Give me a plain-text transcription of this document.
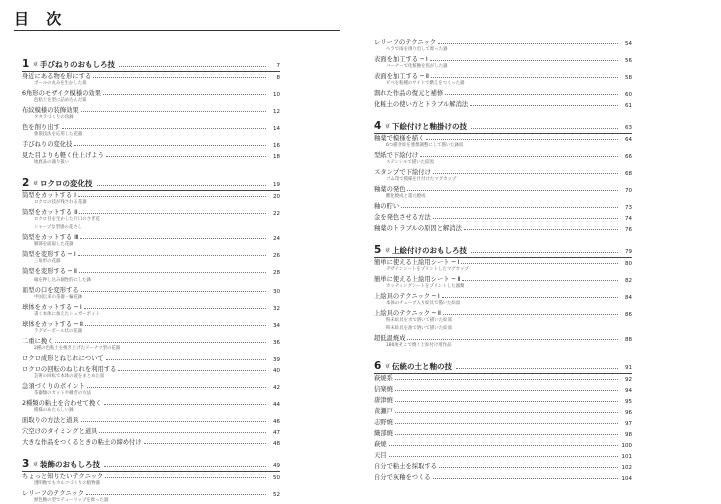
目 次
1 章 手びねりのおもしろ技	7
身近にある物を形にする	8
ボールの丸みを生かした皿
6角形のモザイク模様の効果	10
色粘土を型に詰め込んだ皿
布紋模様の装飾効果	12
タタラづくりの角鉢
色を削り出す	14
象嵌技法を応用した花器
手びねりの変化技	16
見た目よりも軽く仕上げよう	18
地底品の器り扱い
2 章 ロクロの変化技	19
筒型をカットする Ⅰ	20
ロクロの技が残される花器
筒型をカットする Ⅱ	22
ロクロ目を生かした片口のさぎ花
シャープな型感の花さし
筒型をカットする Ⅲ	24
胴部を面取した花器
筒型を変形する ─ Ⅰ	26
三角形の花器
筒型を変形する ─ Ⅱ	28
縁を押し込み個性的にした鉢
皿型の口を変形する	30
中国伝来の茶器・輪花鉢
球体をカットする ─ Ⅰ	32
書く本体に加えたシュガーポット
球体をカットする ─ Ⅱ	34
ラグビーボール状の花器
二重に挽く	36
2種の色粘土を挽き上げたドーナツ型の花器
ロクロ成形とねじれについて	39
ロクロの回転のねじれを利用する	40
芸術の回転で本体の波をまとめた皿
急須づくりのポイント	42
茶器類のカットや継ぎの方法
2種類の粘土を合わせて挽く	44
模様のあたらしい鉢
面取りの方法と道具	46
穴空けのタイミングと道具	47
大きな作品をつくるときの粘土の締め付け	48
3 章 装飾のおもしろ技	49
ちょっと知りたいテクニック	50
透明釉でもカルコづくりの植物器
レリーフのテクニック	52
無色釉の型でテューリップを彫った器
レリーフのテクニック	54
ヘラで雨を削り出して彫った器
表面を加工する ─ Ⅰ	56
バーナーで化粧釉を焦がした器
表面を加工する ─ Ⅱ	58
ビベを粘種のサイトで燃えをつくった器
割れた作品の復元と補修	60
化粧土の使い方とトラブル解消法	61
4 章 下絵付けと釉掛けの技	63
釉薬で模様を描く	64
6つ描き絵を連想調整にして描いた鉢皿
型紙で下絵付け	66
ステンシルで描いた紋図
スタンプで下絵付け	68
ゴム印で模様を仕付けたマグカップ
釉薬の発色	70
酸化焼成と還元焼成
釉の貯い	73
金を発色させる方法	74
釉薬のトラブルの原因と解消法	76
5 章 上絵付けのおもしろ技	79
簡単に使える上絵用シート ─ Ⅰ	80
デザインシートをプリントしたマグカップ
簡単に使える上絵用シート ─ Ⅱ	82
カッティングシートをプリントした器類
上絵具のテクニック ─ Ⅰ	84
本体のチューブ入り絵具で描いた絵皿
上絵具のテクニック ─ Ⅱ	86
粉末絵具を水で溶いて描いた絵皿
粉末絵具を油で溶いて描いた絵皿
超低温焼成	88
180度そこで焼く上絵付け用作品
6 章 伝統の土と釉の技	91
萩焼系	92
信楽焼	94
唐津焼	95
黄瀬戸	96
志野焼	97
織部焼	98
萩焼	100
天目	101
自分で粘土を採取する	102
自分で灰釉をつくる	104
